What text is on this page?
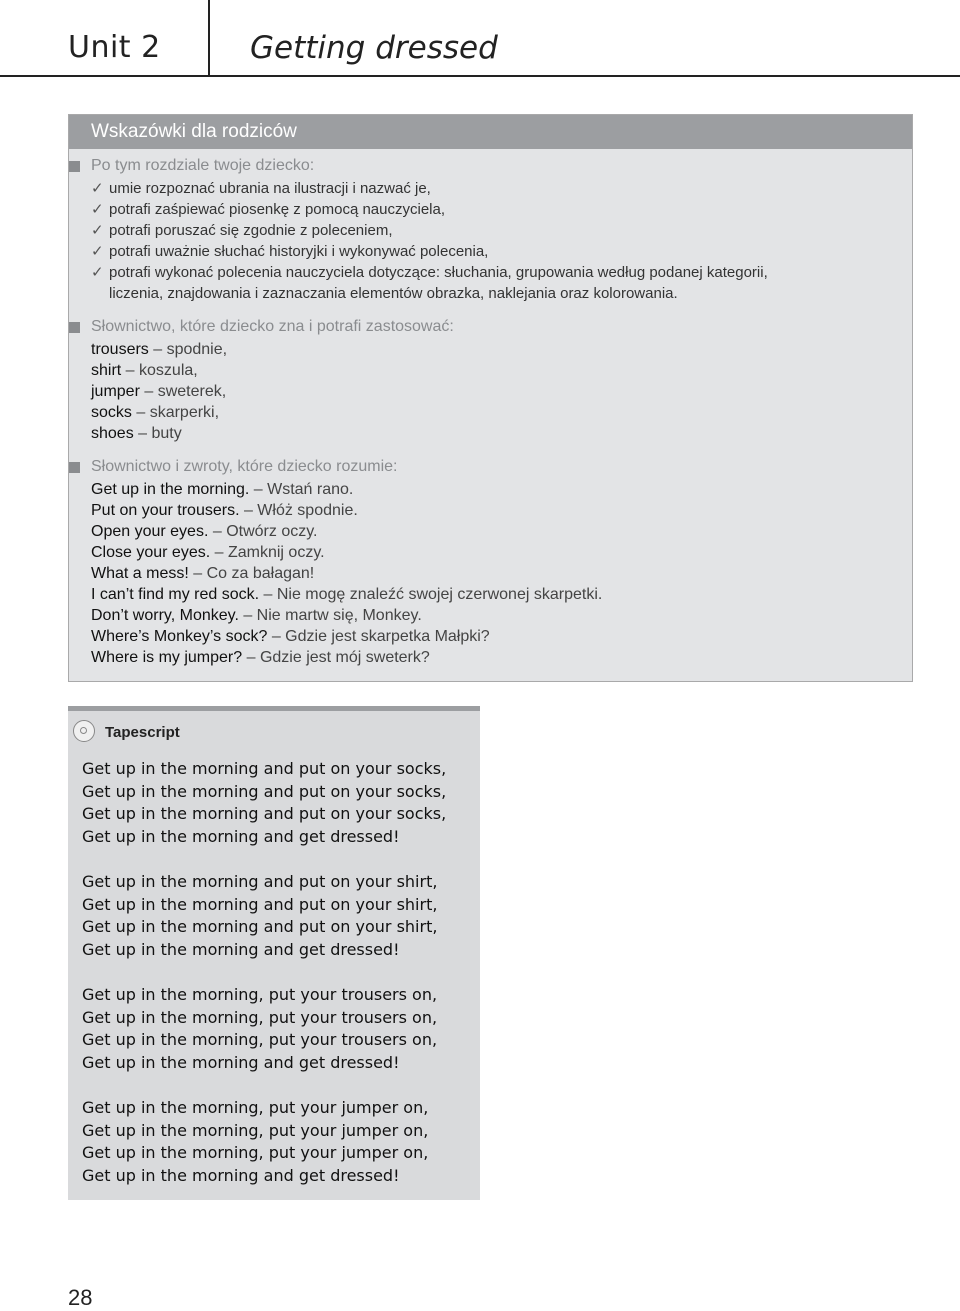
Unit 2	Getting dressed
Wskazówki dla rodziców
Po tym rozdziale twoje dziecko:
✓ umie rozpoznać ubrania na ilustracji i nazwać je,
✓ potrafi zaśpiewać piosenkę z pomocą nauczyciela,
✓ potrafi poruszać się zgodnie z poleceniem,
✓ potrafi uważnie słuchać historyjki i wykonywać polecenia,
✓ potrafi wykonać polecenia nauczyciela dotyczące: słuchania, grupowania według podanej kategorii,
liczenia, znajdowania i zaznaczania elementów obrazka, naklejania oraz kolorowania.
Słownictwo, które dziecko zna i potrafi zastosować:
trousers – spodnie,
shirt – koszula,
jumper – sweterek,
socks – skarperki,
shoes – buty
Słownictwo i zwroty, które dziecko rozumie:
Get up in the morning. – Wstań rano.
Put on your trousers. – Włóż spodnie.
Open your eyes. – Otwórz oczy.
Close your eyes. – Zamknij oczy.
What a mess! – Co za bałagan!
I can’t find my red sock. – Nie mogę znaleźć swojej czerwonej skarpetki.
Don’t worry, Monkey. – Nie martw się, Monkey.
Where’s Monkey’s sock? – Gdzie jest skarpetka Małpki?
Where is my jumper? – Gdzie jest mój sweterk?
Tapescript
Get up in the morning and put on your socks,
Get up in the morning and put on your socks,
Get up in the morning and put on your socks,
Get up in the morning and get dressed!
Get up in the morning and put on your shirt,
Get up in the morning and put on your shirt,
Get up in the morning and put on your shirt,
Get up in the morning and get dressed!
Get up in the morning, put your trousers on,
Get up in the morning, put your trousers on,
Get up in the morning, put your trousers on,
Get up in the morning and get dressed!
Get up in the morning, put your jumper on,
Get up in the morning, put your jumper on,
Get up in the morning, put your jumper on,
Get up in the morning and get dressed!
28
